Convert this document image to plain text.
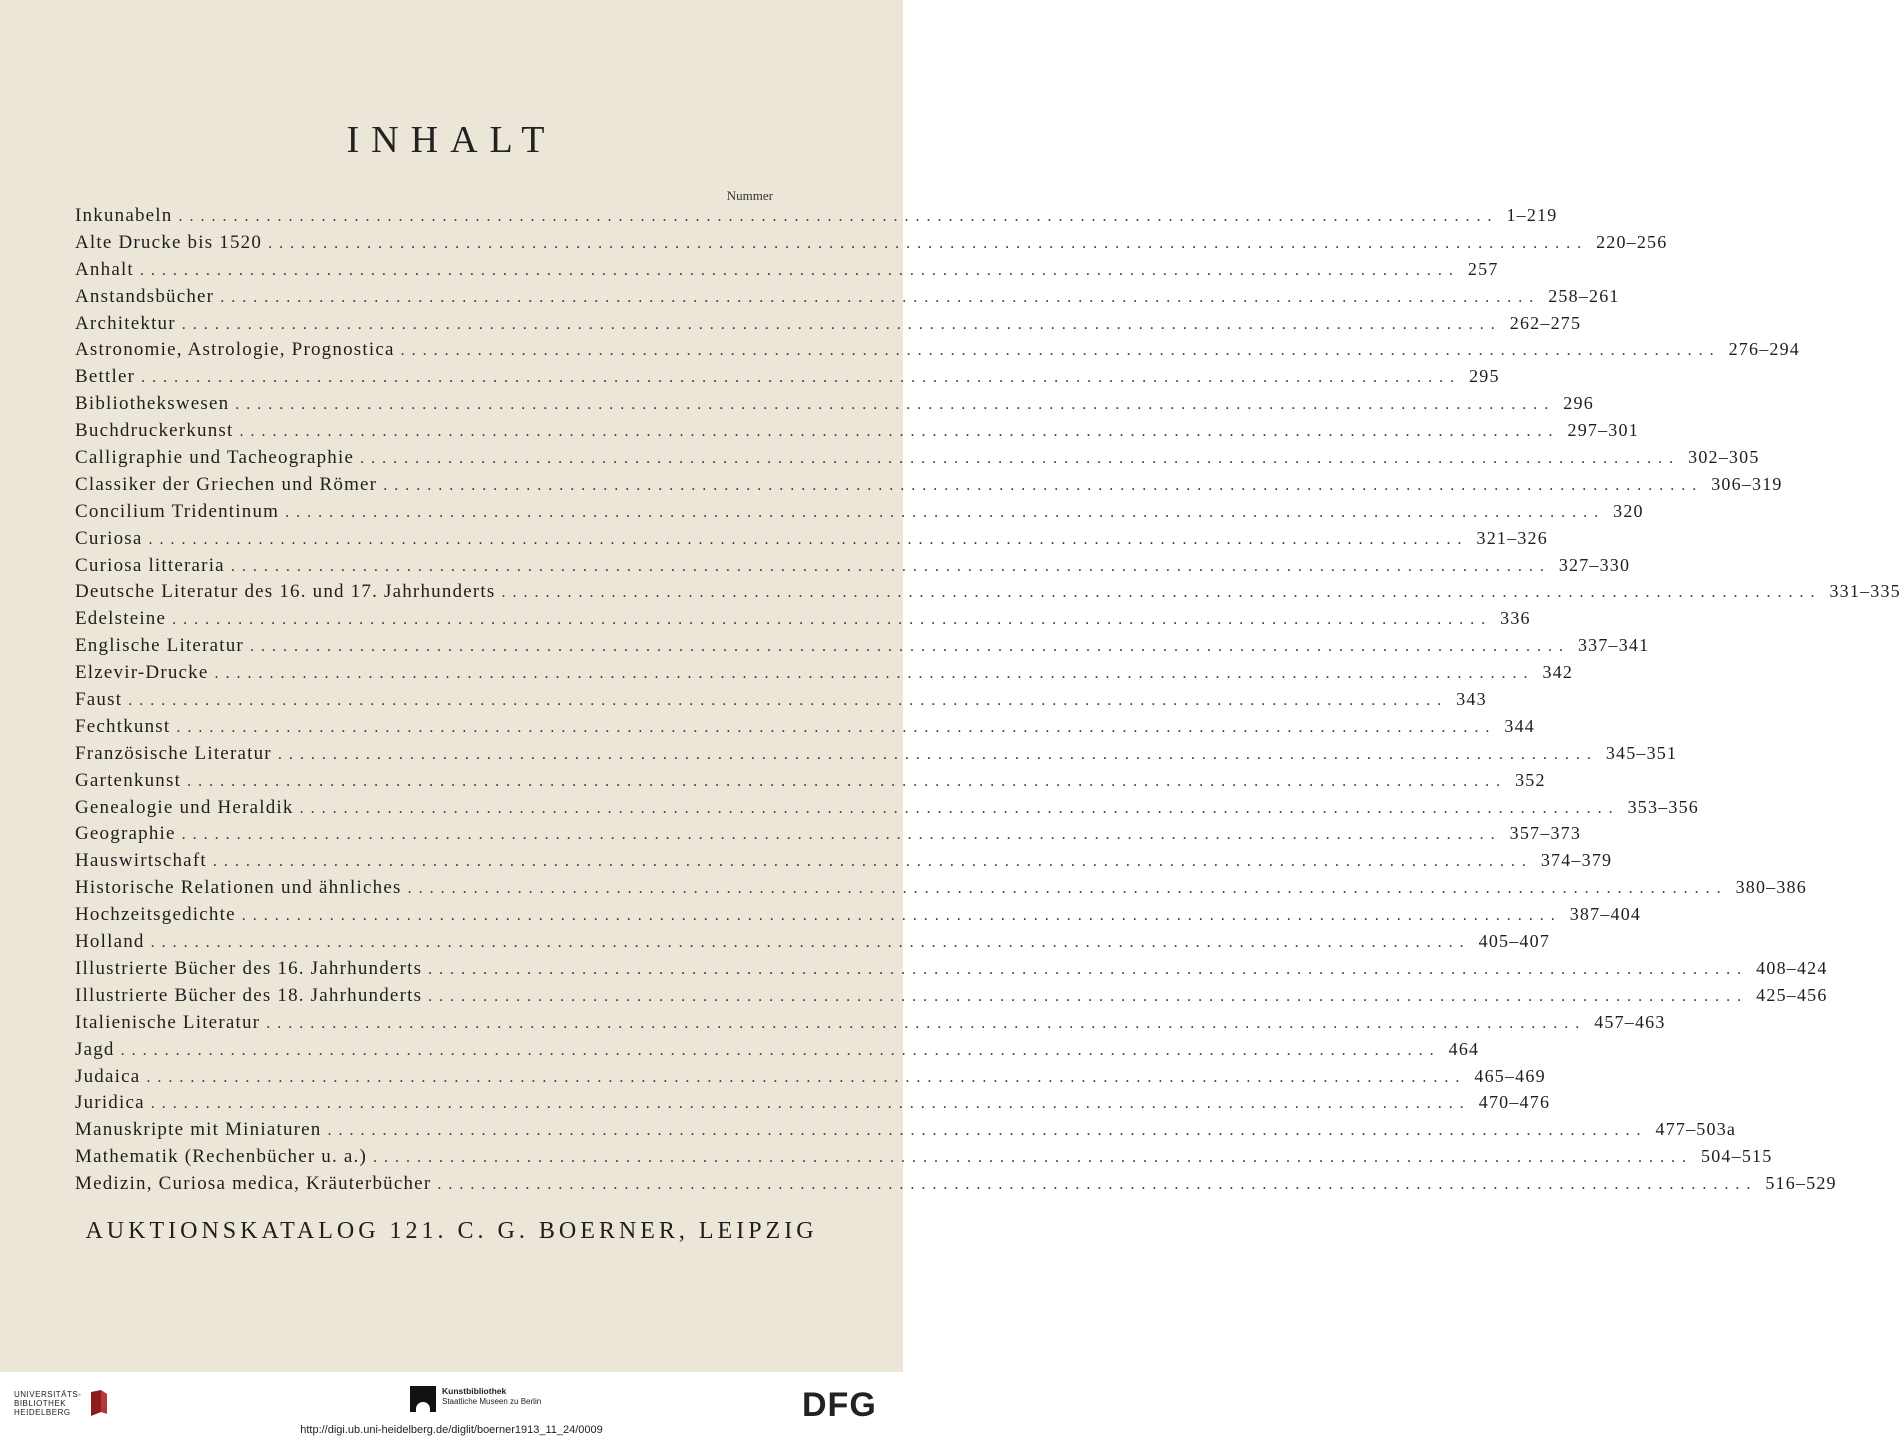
INHALT
Nummer
Inkunabeln ........................................................................................................................ 1–219
Alte Drucke bis 1520 ........................................................................................................................ 220–256
Anhalt ........................................................................................................................ 257
Anstandsbücher ........................................................................................................................ 258–261
Architektur ........................................................................................................................ 262–275
Astronomie, Astrologie, Prognostica ........................................................................................................................ 276–294
Bettler ........................................................................................................................ 295
Bibliothekswesen ........................................................................................................................ 296
Buchdruckerkunst ........................................................................................................................ 297–301
Calligraphie und Tacheographie ........................................................................................................................ 302–305
Classiker der Griechen und Römer ........................................................................................................................ 306–319
Concilium Tridentinum ........................................................................................................................ 320
Curiosa ........................................................................................................................ 321–326
Curiosa litteraria ........................................................................................................................ 327–330
Deutsche Literatur des 16. und 17. Jahrhunderts ........................................................................................................................ 331–335
Edelsteine ........................................................................................................................ 336
Englische Literatur ........................................................................................................................ 337–341
Elzevir-Drucke ........................................................................................................................ 342
Faust ........................................................................................................................ 343
Fechtkunst ........................................................................................................................ 344
Französische Literatur ........................................................................................................................ 345–351
Gartenkunst ........................................................................................................................ 352
Genealogie und Heraldik ........................................................................................................................ 353–356
Geographie ........................................................................................................................ 357–373
Hauswirtschaft ........................................................................................................................ 374–379
Historische Relationen und ähnliches ........................................................................................................................ 380–386
Hochzeitsgedichte ........................................................................................................................ 387–404
Holland ........................................................................................................................ 405–407
Illustrierte Bücher des 16. Jahrhunderts ........................................................................................................................ 408–424
Illustrierte Bücher des 18. Jahrhunderts ........................................................................................................................ 425–456
Italienische Literatur ........................................................................................................................ 457–463
Jagd ........................................................................................................................ 464
Judaica ........................................................................................................................ 465–469
Juridica ........................................................................................................................ 470–476
Manuskripte mit Miniaturen ........................................................................................................................ 477–503a
Mathematik (Rechenbücher u. a.) ........................................................................................................................ 504–515
Medizin, Curiosa medica, Kräuterbücher ........................................................................................................................ 516–529
AUKTIONSKATALOG 121. C. G. BOERNER, LEIPZIG
UNIVERSITÄTS-
BIBLIOTHEK
HEIDELBERG
Kunstbibliothek
Staatliche Museen zu Berlin	DFG
http://digi.ub.uni-heidelberg.de/diglit/boerner1913_11_24/0009
